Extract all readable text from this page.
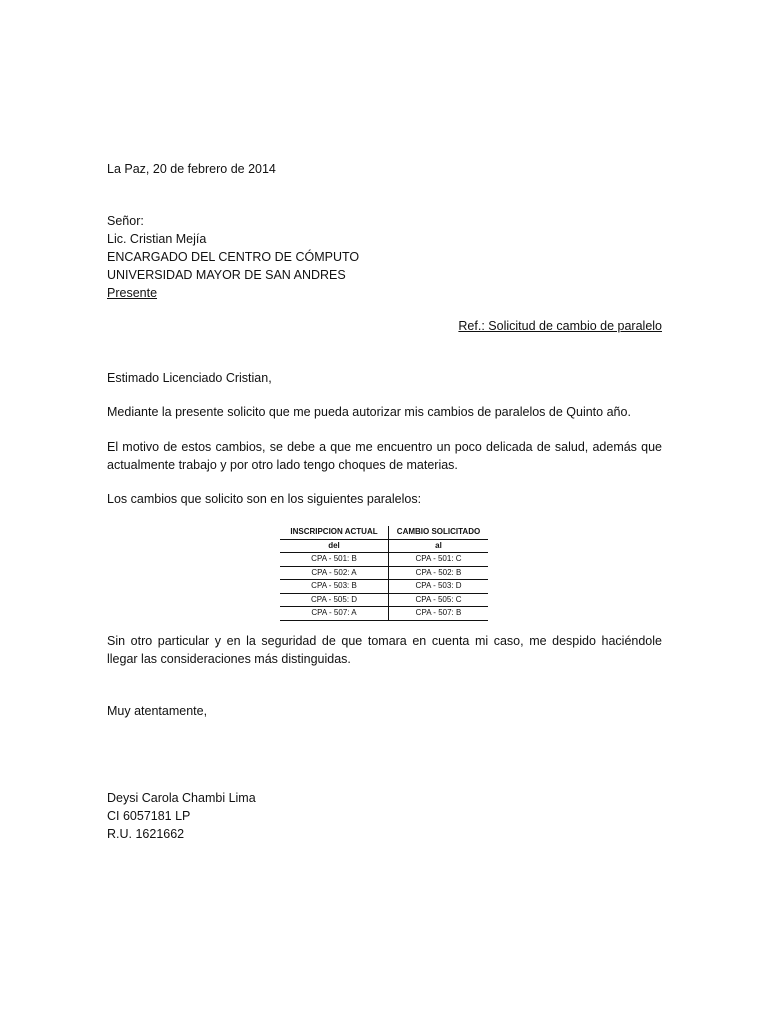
La Paz, 20 de febrero de 2014

Señor:
Lic. Cristian Mejía
ENCARGADO DEL CENTRO DE CÓMPUTO
UNIVERSIDAD MAYOR DE SAN ANDRES
Presente

Ref.: Solicitud de cambio de paralelo

Estimado Licenciado Cristian,

Mediante la presente solicito que me pueda autorizar mis cambios de paralelos de Quinto año.

El motivo de estos cambios, se debe a que me encuentro un poco delicada de salud, además que actualmente trabajo y por otro lado tengo choques de materias.

Los cambios que solicito son en los siguientes paralelos:

INSCRIPCION ACTUAL	CAMBIO SOLICITADO
del	al
CPA - 501: B	CPA - 501: C
CPA - 502: A	CPA - 502: B
CPA - 503: B	CPA - 503: D
CPA - 505: D	CPA - 505: C
CPA - 507: A	CPA - 507: B

Sin otro particular y en la seguridad de que tomara en cuenta mi caso, me despido haciéndole llegar las consideraciones más distinguidas.

Muy atentamente,

Deysi Carola Chambi Lima
CI 6057181 LP
R.U. 1621662
